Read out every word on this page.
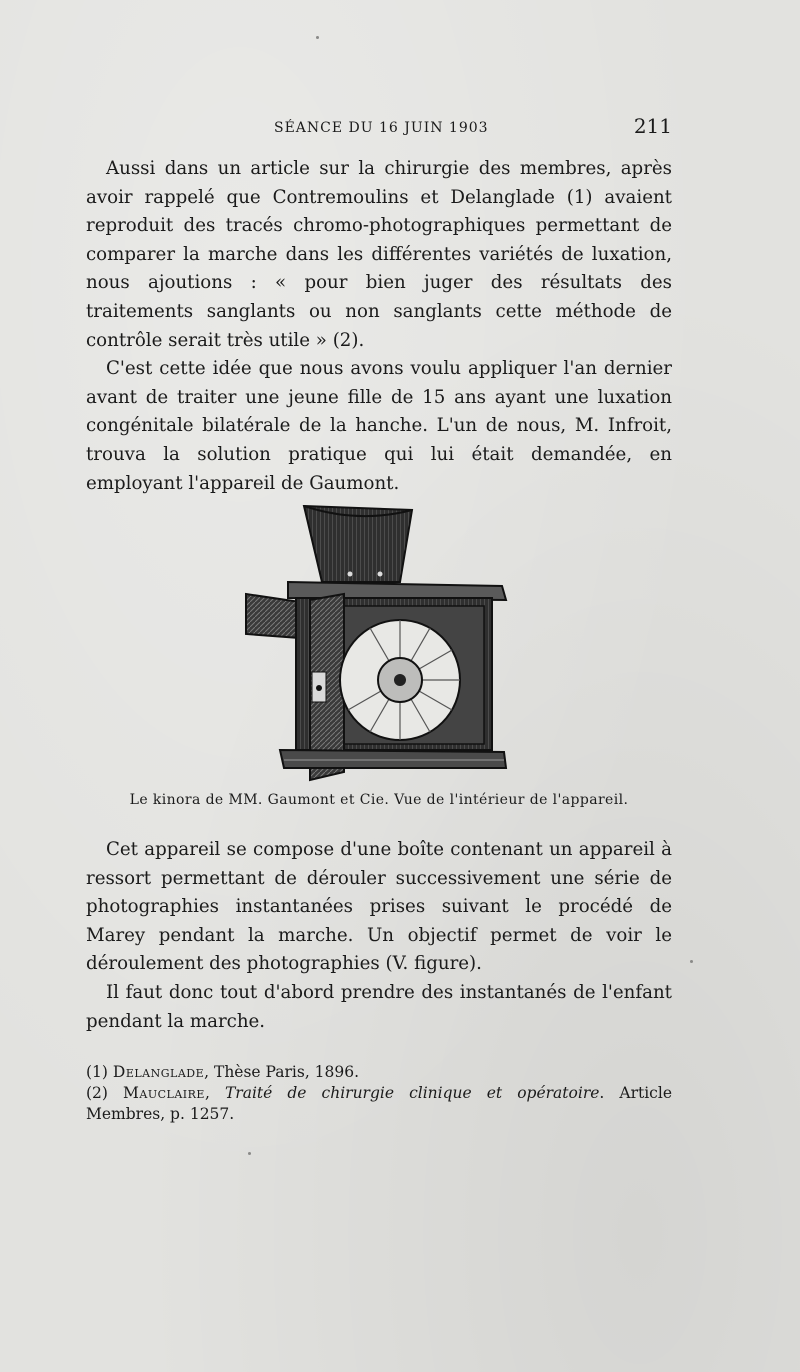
SÉANCE DU 16 JUIN 1903	211

Aussi dans un article sur la chirurgie des membres, après avoir rappelé que Contremoulins et Delanglade (1) avaient reproduit des tracés chromo-photographiques permettant de comparer la marche dans les différentes variétés de luxation, nous ajoutions : « pour bien juger des résultats des traitements sanglants ou non sanglants cette méthode de contrôle serait très utile » (2).

C'est cette idée que nous avons voulu appliquer l'an dernier avant de traiter une jeune fille de 15 ans ayant une luxation congénitale bilatérale de la hanche. L'un de nous, M. Infroit, trouva la solution pratique qui lui était demandée, en employant l'appareil de Gaumont.

Le kinora de MM. Gaumont et Cie. Vue de l'intérieur de l'appareil.

Cet appareil se compose d'une boîte contenant un appareil à ressort permettant de dérouler successivement une série de photographies instantanées prises suivant le procédé de Marey pendant la marche. Un objectif permet de voir le déroulement des photographies (V. figure).

Il faut donc tout d'abord prendre des instantanés de l'enfant pendant la marche.

(1) Delanglade, Thèse Paris, 1896.

(2) Mauclaire, Traité de chirurgie clinique et opératoire. Article Membres, p. 1257.
